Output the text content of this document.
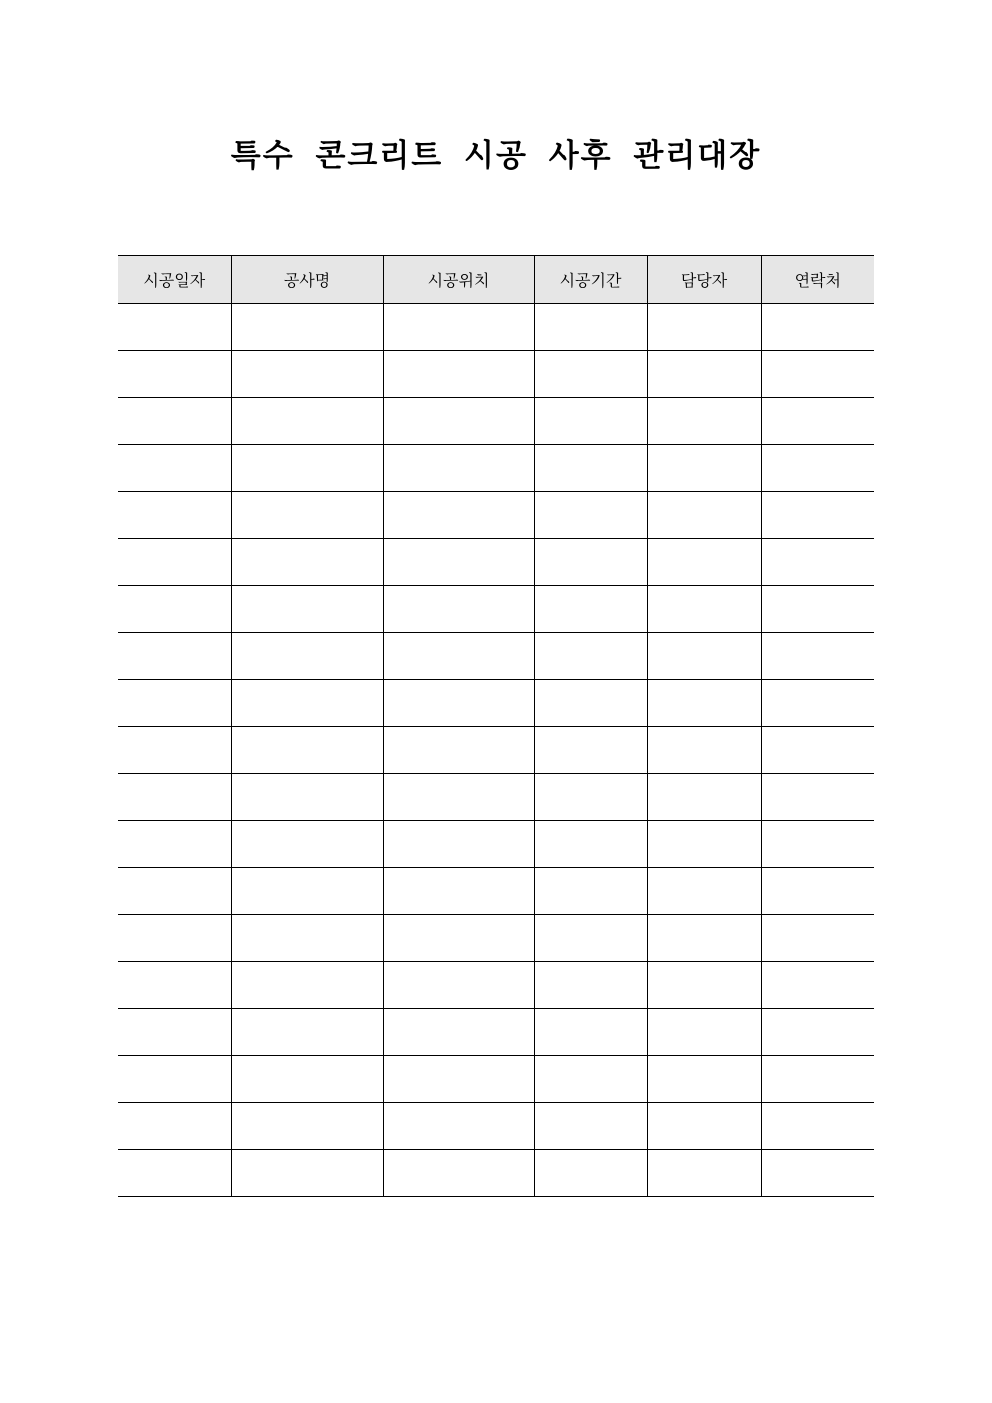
특수 콘크리트 시공 사후 관리대장
시공일자	공사명	시공위치	시공기간	담당자	연락처
